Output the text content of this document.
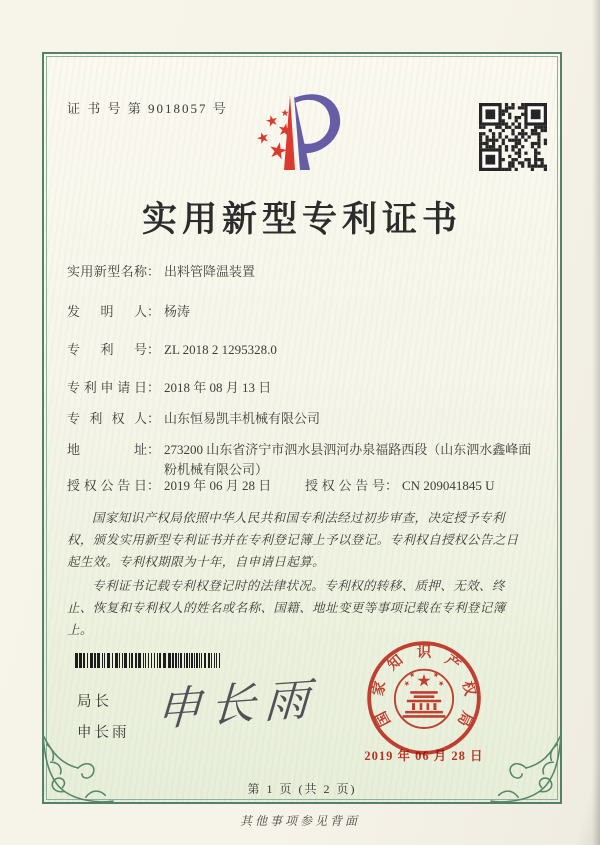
证 书 号 第 9018057 号
实用新型专利证书
实用新型名称 ： 出料管降温装置
发明人 ： 杨涛
专利号 ： ZL 2018 2 1295328.0
专利申请日 ： 2018 年 08 月 13 日
专利权人 ： 山东恒易凯丰机械有限公司
地址 ： 273200 山东省济宁市泗水县泗河办泉福路西段（山东泗水鑫峰面粉机械有限公司）
授权公告日 ： 2019 年 06 月 28 日	授权公告号 ： CN 209041845 U

国家知识产权局依照中华人民共和国专利法经过初步审查，决定授予专利权，颁发实用新型专利证书并在专利登记簿上予以登记。专利权自授权公告之日起生效。专利权期限为十年，自申请日起算。

专利证书记载专利权登记时的法律状况。专利权的转移、质押、无效、终止、恢复和专利权人的姓名或名称、国籍、地址变更等事项记载在专利登记簿上。

局长
申长雨 申长雨	国
家
知 识 产
权
局
2019 年 06 月 28 日
第 1 页 (共 2 页)
其他事项参见背面
